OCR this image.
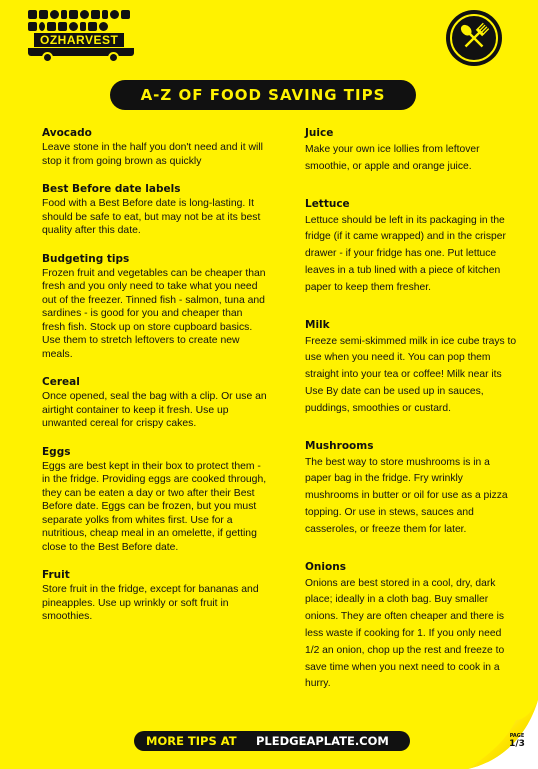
OZHARVEST
A-Z OF FOOD SAVING TIPS
Avocado

Leave stone in the half you don't need and it will stop it from going brown as quickly

Best Before date labels

Food with a Best Before date is long-lasting. It should be safe to eat, but may not be at its best quality after this date.

Budgeting tips

Frozen fruit and vegetables can be cheaper than fresh and you only need to take what you need out of the freezer. Tinned fish - salmon, tuna and sardines - is good for you and cheaper than fresh fish. Stock up on store cupboard basics. Use them to stretch leftovers to create new meals.

Cereal

Once opened, seal the bag with a clip. Or use an airtight container to keep it fresh. Use up unwanted cereal for crispy cakes.

Eggs

Eggs are best kept in their box to protect them - in the fridge. Providing eggs are cooked through, they can be eaten a day or two after their Best Before date. Eggs can be frozen, but you must separate yolks from whites first. Use for a nutritious, cheap meal in an omelette, if getting close to the Best Before date.

Fruit

Store fruit in the fridge, except for bananas and pineapples. Use up wrinkly or soft fruit in smoothies.

Juice

Make your own ice lollies from leftover smoothie, or apple and orange juice.

Lettuce

Lettuce should be left in its packaging in the fridge (if it came wrapped) and in the crisper drawer - if your fridge has one. Put lettuce leaves in a tub lined with a piece of kitchen paper to keep them fresher.

Milk

Freeze semi-skimmed milk in ice cube trays to use when you need it. You can pop them straight into your tea or coffee! Milk near its Use By date can be used up in sauces, puddings, smoothies or custard.

Mushrooms

The best way to store mushrooms is in a paper bag in the fridge. Fry wrinkly mushrooms in butter or oil for use as a pizza topping. Or use in stews, sauces and casseroles, or freeze them for later.

Onions

Onions are best stored in a cool, dry, dark place; ideally in a cloth bag. Buy smaller onions. They are often cheaper and there is less waste if cooking for 1. If you only need 1/2 an onion, chop up the rest and freeze to save time when you next need to cook in a hurry.

MORE TIPS AT PLEDGEAPLATE.COM	PAGE
1/3
